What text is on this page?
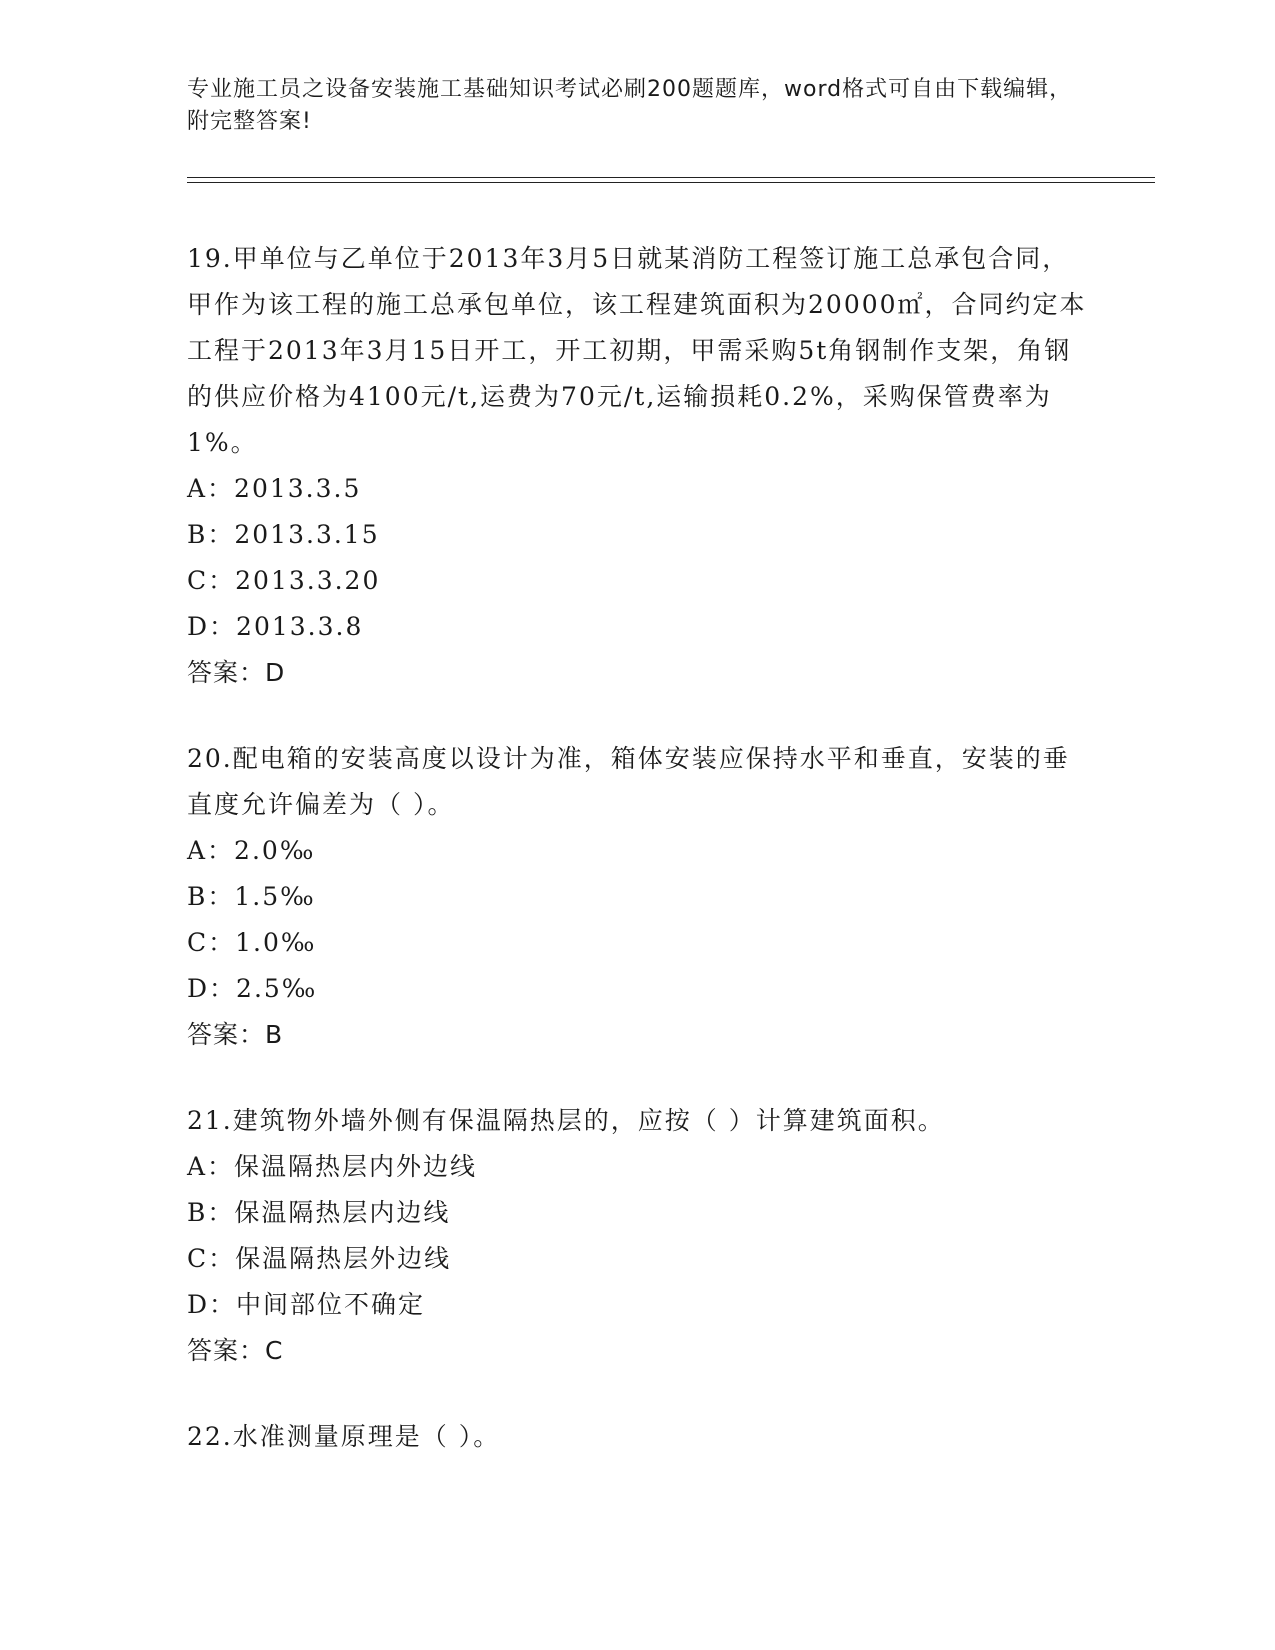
专业施工员之设备安装施工基础知识考试必刷200题题库，word格式可自由下载编辑，附完整答案!
19.甲单位与乙单位于2013年3月5日就某消防工程签订施工总承包合同，甲作为该工程的施工总承包单位，该工程建筑面积为20000㎡，合同约定本工程于2013年3月15日开工，开工初期，甲需采购5t角钢制作支架，角钢的供应价格为4100元/t,运费为70元/t,运输损耗0.2%，采购保管费率为1%。
A：2013.3.5
B：2013.3.15
C：2013.3.20
D：2013.3.8
答案：D
20.配电箱的安装高度以设计为准，箱体安装应保持水平和垂直，安装的垂直度允许偏差为（ ）。
A：2.0‰
B：1.5‰
C：1.0‰
D：2.5‰
答案：B
21.建筑物外墙外侧有保温隔热层的，应按（ ）计算建筑面积。
A：保温隔热层内外边线
B：保温隔热层内边线
C：保温隔热层外边线
D：中间部位不确定
答案：C
22.水准测量原理是（ ）。
